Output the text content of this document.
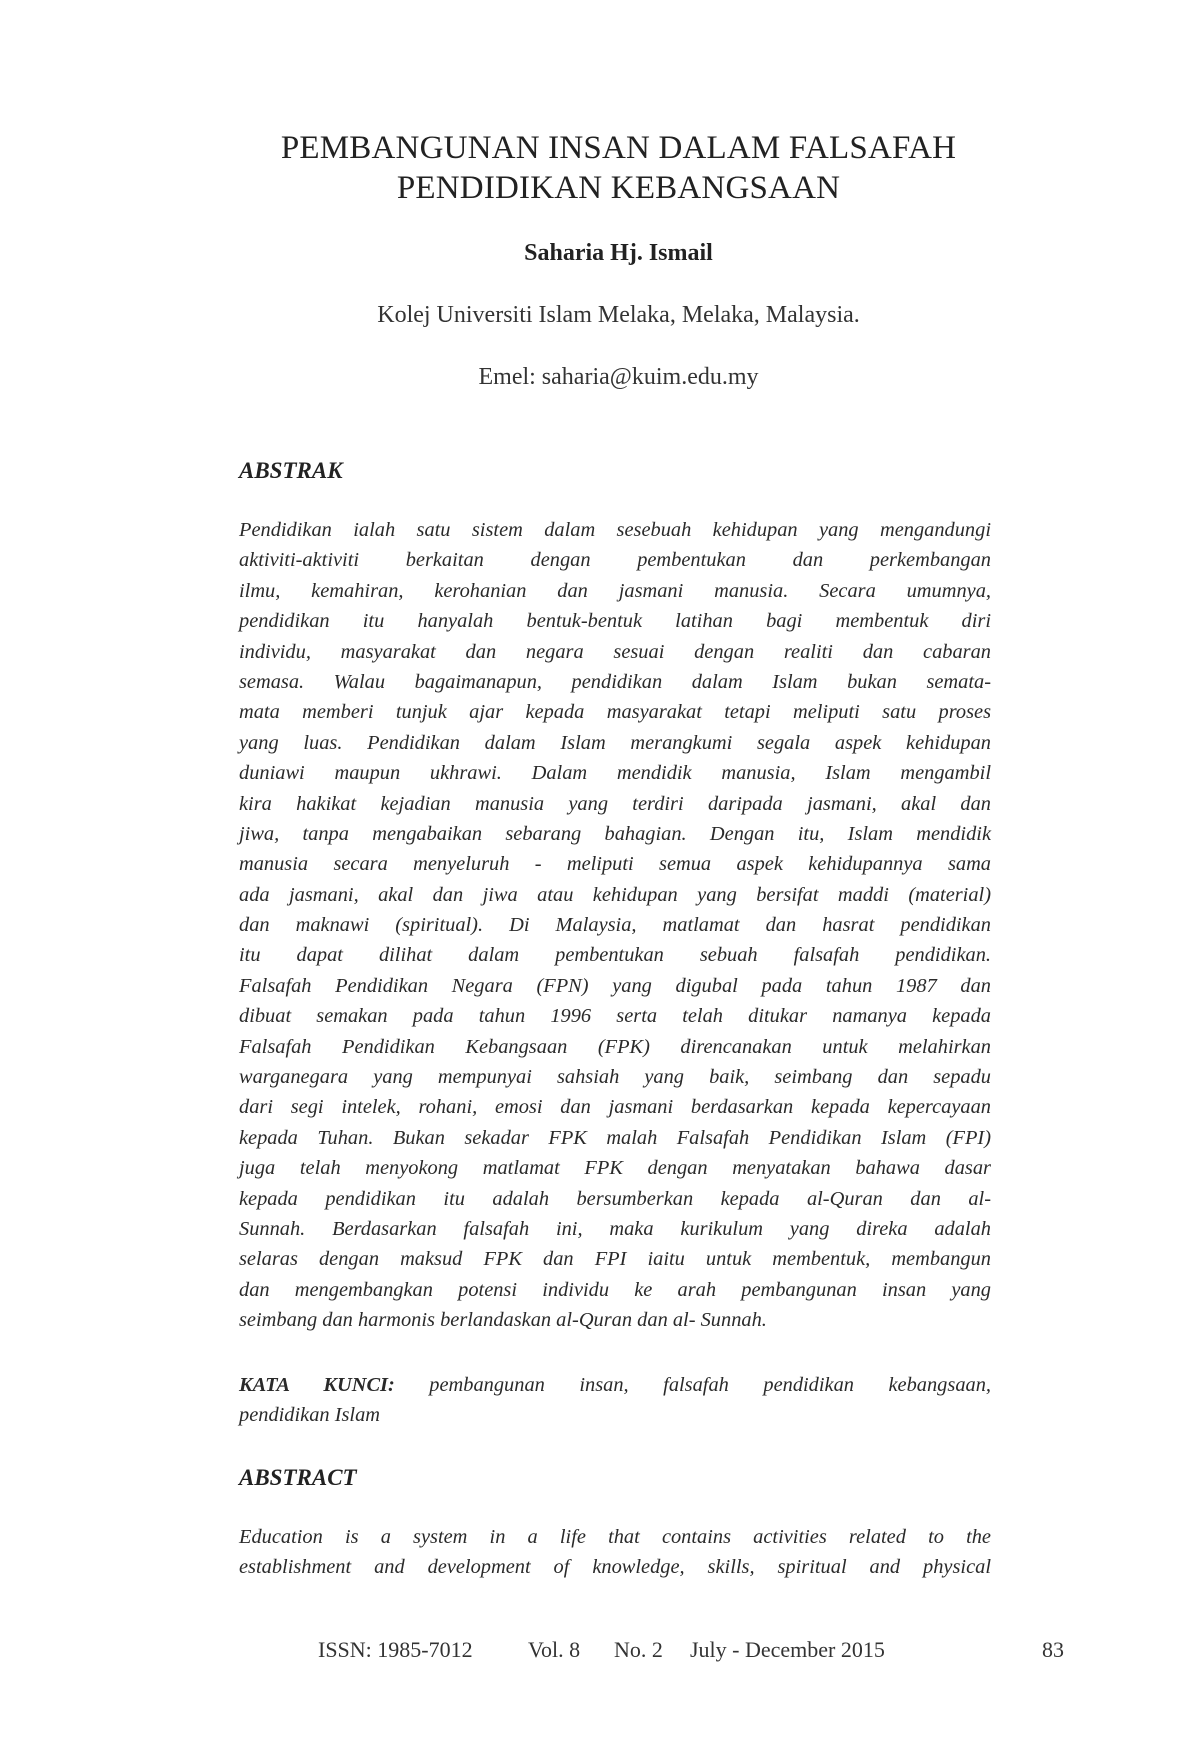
PEMBANGUNAN INSAN DALAM FALSAFAH
PENDIDIKAN KEBANGSAAN
Saharia Hj. Ismail
Kolej Universiti Islam Melaka, Melaka, Malaysia.
Emel: saharia@kuim.edu.my
ABSTRAK
Pendidikan ialah satu sistem dalam sesebuah kehidupan yang mengandungi
aktiviti-aktiviti berkaitan dengan pembentukan dan perkembangan
ilmu, kemahiran, kerohanian dan jasmani manusia. Secara umumnya,
pendidikan itu hanyalah bentuk-bentuk latihan bagi membentuk diri
individu, masyarakat dan negara sesuai dengan realiti dan cabaran
semasa. Walau bagaimanapun, pendidikan dalam Islam bukan semata-
mata memberi tunjuk ajar kepada masyarakat tetapi meliputi satu proses
yang luas. Pendidikan dalam Islam merangkumi segala aspek kehidupan
duniawi maupun ukhrawi. Dalam mendidik manusia, Islam mengambil
kira hakikat kejadian manusia yang terdiri daripada jasmani, akal dan
jiwa, tanpa mengabaikan sebarang bahagian. Dengan itu, Islam mendidik
manusia secara menyeluruh - meliputi semua aspek kehidupannya sama
ada jasmani, akal dan jiwa atau kehidupan yang bersifat maddi (material)
dan maknawi (spiritual). Di Malaysia, matlamat dan hasrat pendidikan
itu dapat dilihat dalam pembentukan sebuah falsafah pendidikan.
Falsafah Pendidikan Negara (FPN) yang digubal pada tahun 1987 dan
dibuat semakan pada tahun 1996 serta telah ditukar namanya kepada
Falsafah Pendidikan Kebangsaan (FPK) direncanakan untuk melahirkan
warganegara yang mempunyai sahsiah yang baik, seimbang dan sepadu
dari segi intelek, rohani, emosi dan jasmani berdasarkan kepada kepercayaan
kepada Tuhan. Bukan sekadar FPK malah Falsafah Pendidikan Islam (FPI)
juga telah menyokong matlamat FPK dengan menyatakan bahawa dasar
kepada pendidikan itu adalah bersumberkan kepada al-Quran dan al-
Sunnah. Berdasarkan falsafah ini, maka kurikulum yang direka adalah
selaras dengan maksud FPK dan FPI iaitu untuk membentuk, membangun
dan mengembangkan potensi individu ke arah pembangunan insan yang
seimbang dan harmonis berlandaskan al-Quran dan al- Sunnah.
KATA KUNCI: pembangunan insan, falsafah pendidikan kebangsaan,
pendidikan Islam
ABSTRACT
Education is a system in a life that contains activities related to the
establishment and development of knowledge, skills, spiritual and physical
ISSN: 1985-7012	Vol. 8 No. 2 July - December 2015	83
